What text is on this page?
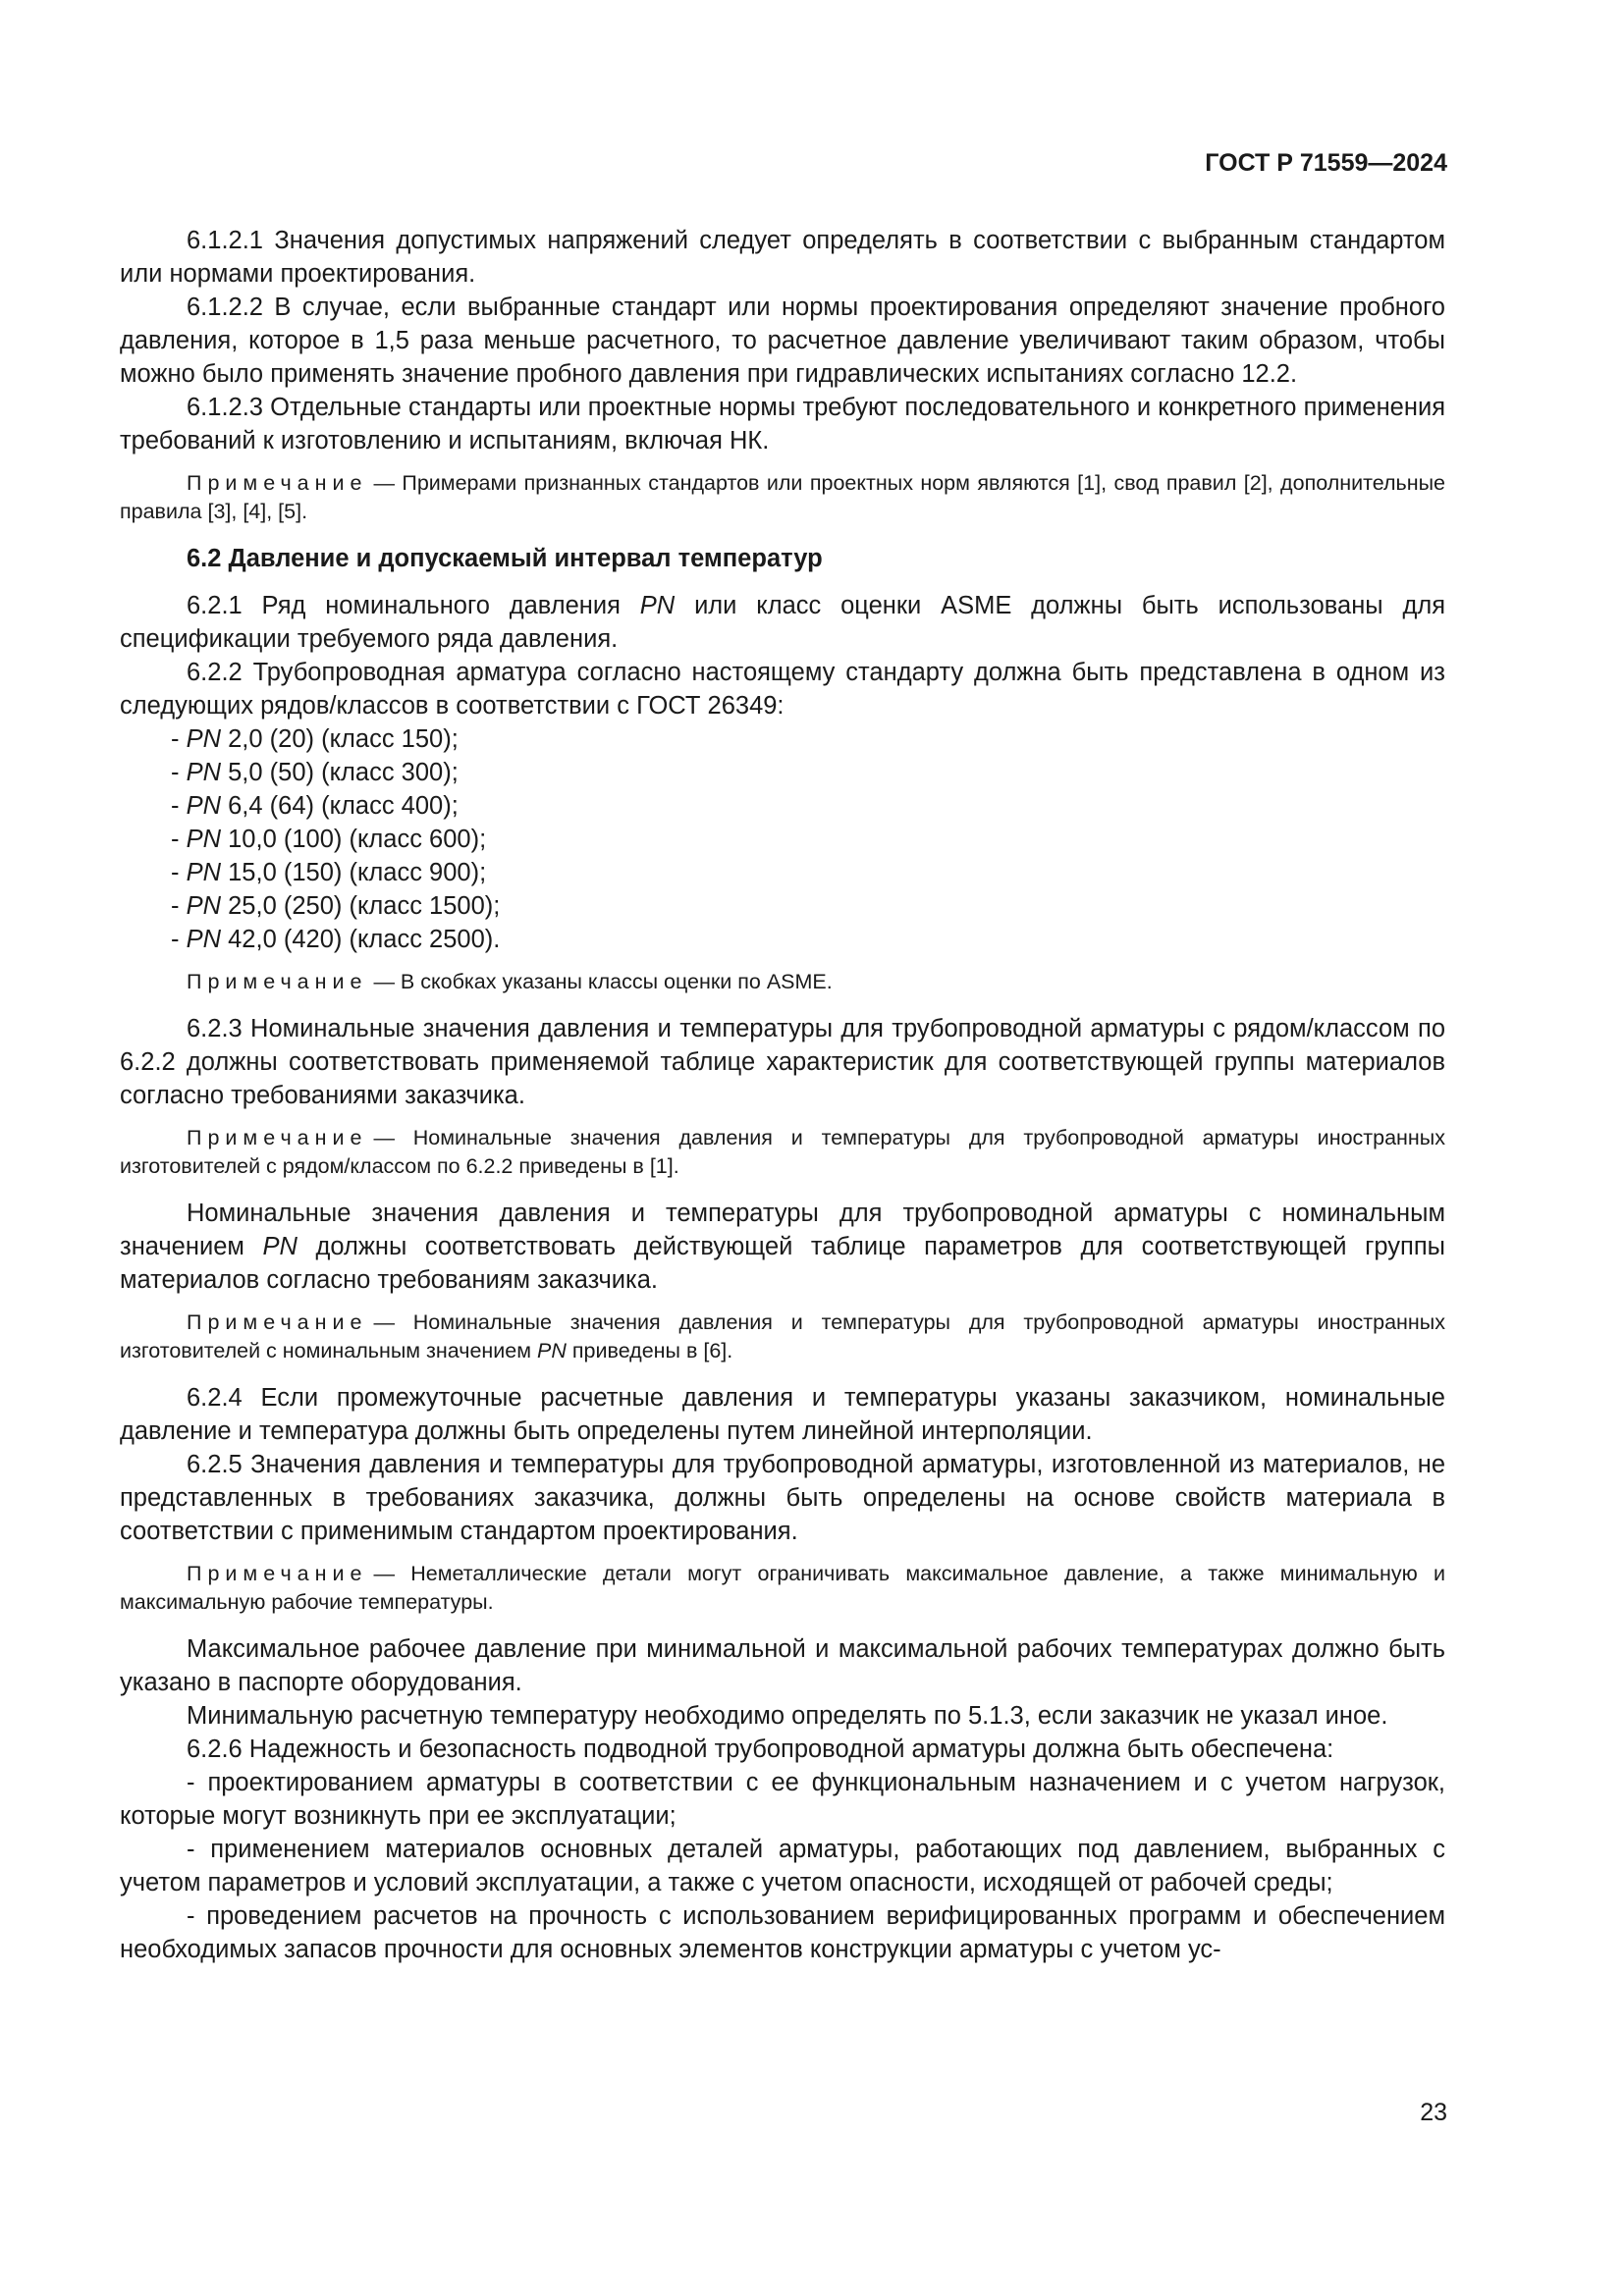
ГОСТ Р 71559—2024

6.1.2.1 Значения допустимых напряжений следует определять в соответствии с выбранным стандартом или нормами проектирования.

6.1.2.2 В случае, если выбранные стандарт или нормы проектирования определяют значение пробного давления, которое в 1,5 раза меньше расчетного, то расчетное давление увеличивают таким образом, чтобы можно было применять значение пробного давления при гидравлических испытаниях согласно 12.2.

6.1.2.3 Отдельные стандарты или проектные нормы требуют последовательного и конкретного применения требований к изготовлению и испытаниям, включая НК.

Примечание — Примерами признанных стандартов или проектных норм являются [1], свод правил [2], дополнительные правила [3], [4], [5].

6.2 Давление и допускаемый интервал температур

6.2.1 Ряд номинального давления PN или класс оценки ASME должны быть использованы для спецификации требуемого ряда давления.

6.2.2 Трубопроводная арматура согласно настоящему стандарту должна быть представлена в одном из следующих рядов/классов в соответствии с ГОСТ 26349:

- PN 2,0 (20) (класс 150);

- PN 5,0 (50) (класс 300);

- PN 6,4 (64) (класс 400);

- PN 10,0 (100) (класс 600);

- PN 15,0 (150) (класс 900);

- PN 25,0 (250) (класс 1500);

- PN 42,0 (420) (класс 2500).

Примечание — В скобках указаны классы оценки по ASME.

6.2.3 Номинальные значения давления и температуры для трубопроводной арматуры с рядом/классом по 6.2.2 должны соответствовать применяемой таблице характеристик для соответствующей группы материалов согласно требованиями заказчика.

Примечание — Номинальные значения давления и температуры для трубопроводной арматуры иностранных изготовителей с рядом/классом по 6.2.2 приведены в [1].

Номинальные значения давления и температуры для трубопроводной арматуры с номинальным значением PN должны соответствовать действующей таблице параметров для соответствующей группы материалов согласно требованиям заказчика.

Примечание — Номинальные значения давления и температуры для трубопроводной арматуры иностранных изготовителей с номинальным значением PN приведены в [6].

6.2.4 Если промежуточные расчетные давления и температуры указаны заказчиком, номинальные давление и температура должны быть определены путем линейной интерполяции.

6.2.5 Значения давления и температуры для трубопроводной арматуры, изготовленной из материалов, не представленных в требованиях заказчика, должны быть определены на основе свойств материала в соответствии с применимым стандартом проектирования.

Примечание — Неметаллические детали могут ограничивать максимальное давление, а также минимальную и максимальную рабочие температуры.

Максимальное рабочее давление при минимальной и максимальной рабочих температурах должно быть указано в паспорте оборудования.

Минимальную расчетную температуру необходимо определять по 5.1.3, если заказчик не указал иное.

6.2.6 Надежность и безопасность подводной трубопроводной арматуры должна быть обеспечена:

- проектированием арматуры в соответствии с ее функциональным назначением и с учетом нагрузок, которые могут возникнуть при ее эксплуатации;

- применением материалов основных деталей арматуры, работающих под давлением, выбранных с учетом параметров и условий эксплуатации, а также с учетом опасности, исходящей от рабочей среды;

- проведением расчетов на прочность с использованием верифицированных программ и обеспечением необходимых запасов прочности для основных элементов конструкции арматуры с учетом ус-

23
